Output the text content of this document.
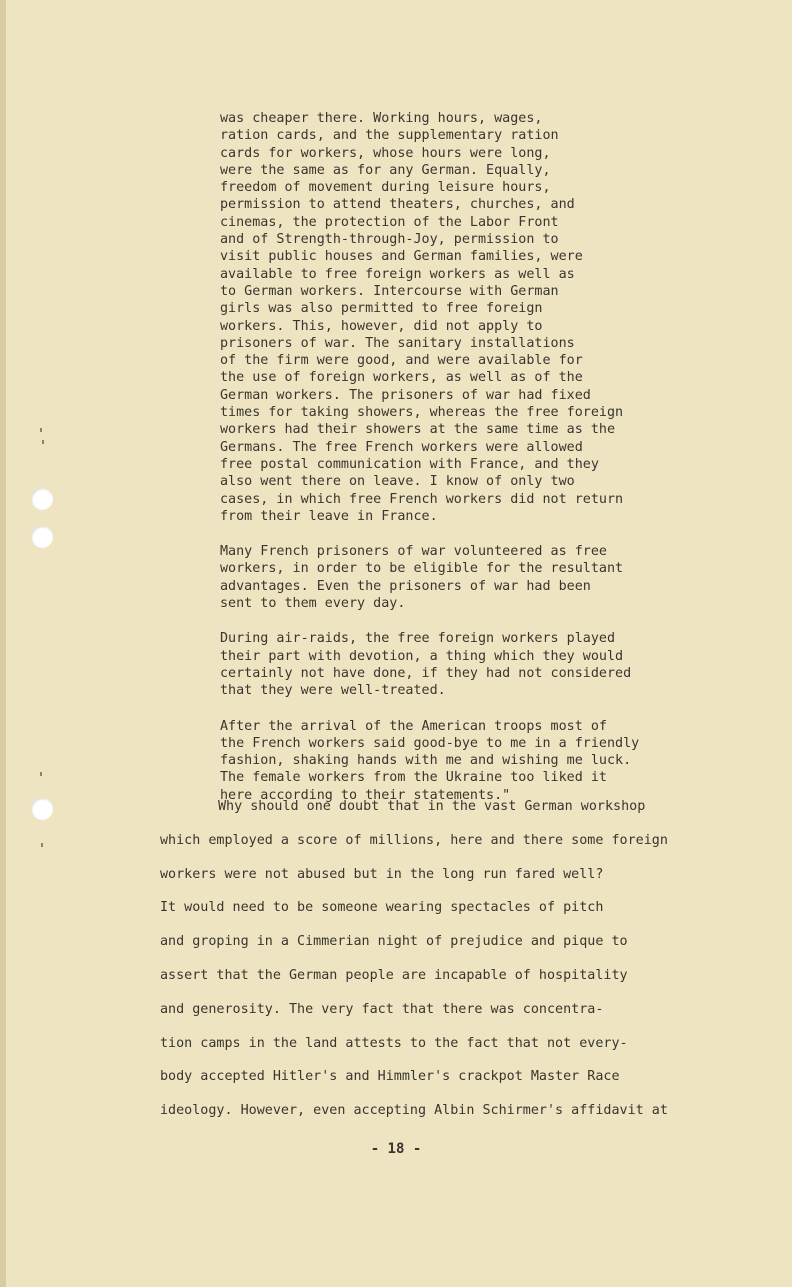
was cheaper there. Working hours, wages,
ration cards, and the supplementary ration
cards for workers, whose hours were long,
were the same as for any German. Equally,
freedom of movement during leisure hours,
permission to attend theaters, churches, and
cinemas, the protection of the Labor Front
and of Strength-through-Joy, permission to
visit public houses and German families, were
available to free foreign workers as well as
to German workers. Intercourse with German
girls was also permitted to free foreign
workers. This, however, did not apply to
prisoners of war. The sanitary installations
of the firm were good, and were available for
the use of foreign workers, as well as of the
German workers. The prisoners of war had fixed
times for taking showers, whereas the free foreign
workers had their showers at the same time as the
Germans. The free French workers were allowed
free postal communication with France, and they
also went there on leave. I know of only two
cases, in which free French workers did not return
from their leave in France.
Many French prisoners of war volunteered as free
workers, in order to be eligible for the resultant
advantages. Even the prisoners of war had been
sent to them every day.
During air-raids, the free foreign workers played
their part with devotion, a thing which they would
certainly not have done, if they had not considered
that they were well-treated.
After the arrival of the American troops most of
the French workers said good-bye to me in a friendly
fashion, shaking hands with me and wishing me luck.
The female workers from the Ukraine too liked it
here according to their statements."
Why should one doubt that in the vast German workshop
which employed a score of millions, here and there some foreign
workers were not abused but in the long run fared well?
It would need to be someone wearing spectacles of pitch
and groping in a Cimmerian night of prejudice and pique to
assert that the German people are incapable of hospitality
and generosity. The very fact that there was concentra-
tion camps in the land attests to the fact that not every-
body accepted Hitler's and Himmler's crackpot Master Race
ideology. However, even accepting Albin Schirmer's affidavit at
- 18 -
